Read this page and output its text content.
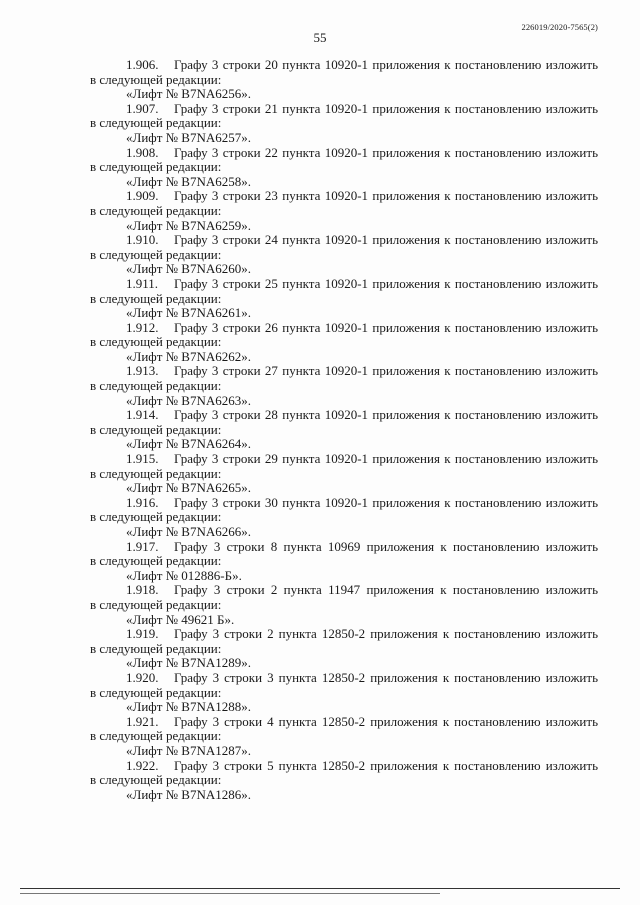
226019/2020-7565(2)
55
1.906. Графу 3 строки 20 пункта 10920-1 приложения к постановлению изложить
в следующей редакции:
«Лифт № B7NA6256».
1.907. Графу 3 строки 21 пункта 10920-1 приложения к постановлению изложить
в следующей редакции:
«Лифт № B7NA6257».
1.908. Графу 3 строки 22 пункта 10920-1 приложения к постановлению изложить
в следующей редакции:
«Лифт № B7NA6258».
1.909. Графу 3 строки 23 пункта 10920-1 приложения к постановлению изложить
в следующей редакции:
«Лифт № B7NA6259».
1.910. Графу 3 строки 24 пункта 10920-1 приложения к постановлению изложить
в следующей редакции:
«Лифт № B7NA6260».
1.911. Графу 3 строки 25 пункта 10920-1 приложения к постановлению изложить
в следующей редакции:
«Лифт № B7NA6261».
1.912. Графу 3 строки 26 пункта 10920-1 приложения к постановлению изложить
в следующей редакции:
«Лифт № B7NA6262».
1.913. Графу 3 строки 27 пункта 10920-1 приложения к постановлению изложить
в следующей редакции:
«Лифт № B7NA6263».
1.914. Графу 3 строки 28 пункта 10920-1 приложения к постановлению изложить
в следующей редакции:
«Лифт № B7NA6264».
1.915. Графу 3 строки 29 пункта 10920-1 приложения к постановлению изложить
в следующей редакции:
«Лифт № B7NA6265».
1.916. Графу 3 строки 30 пункта 10920-1 приложения к постановлению изложить
в следующей редакции:
«Лифт № B7NA6266».
1.917. Графу 3 строки 8 пункта 10969 приложения к постановлению изложить
в следующей редакции:
«Лифт № 012886-Б».
1.918. Графу 3 строки 2 пункта 11947 приложения к постановлению изложить
в следующей редакции:
«Лифт № 49621 Б».
1.919. Графу 3 строки 2 пункта 12850-2 приложения к постановлению изложить
в следующей редакции:
«Лифт № B7NA1289».
1.920. Графу 3 строки 3 пункта 12850-2 приложения к постановлению изложить
в следующей редакции:
«Лифт № B7NA1288».
1.921. Графу 3 строки 4 пункта 12850-2 приложения к постановлению изложить
в следующей редакции:
«Лифт № B7NA1287».
1.922. Графу 3 строки 5 пункта 12850-2 приложения к постановлению изложить
в следующей редакции:
«Лифт № B7NA1286».
